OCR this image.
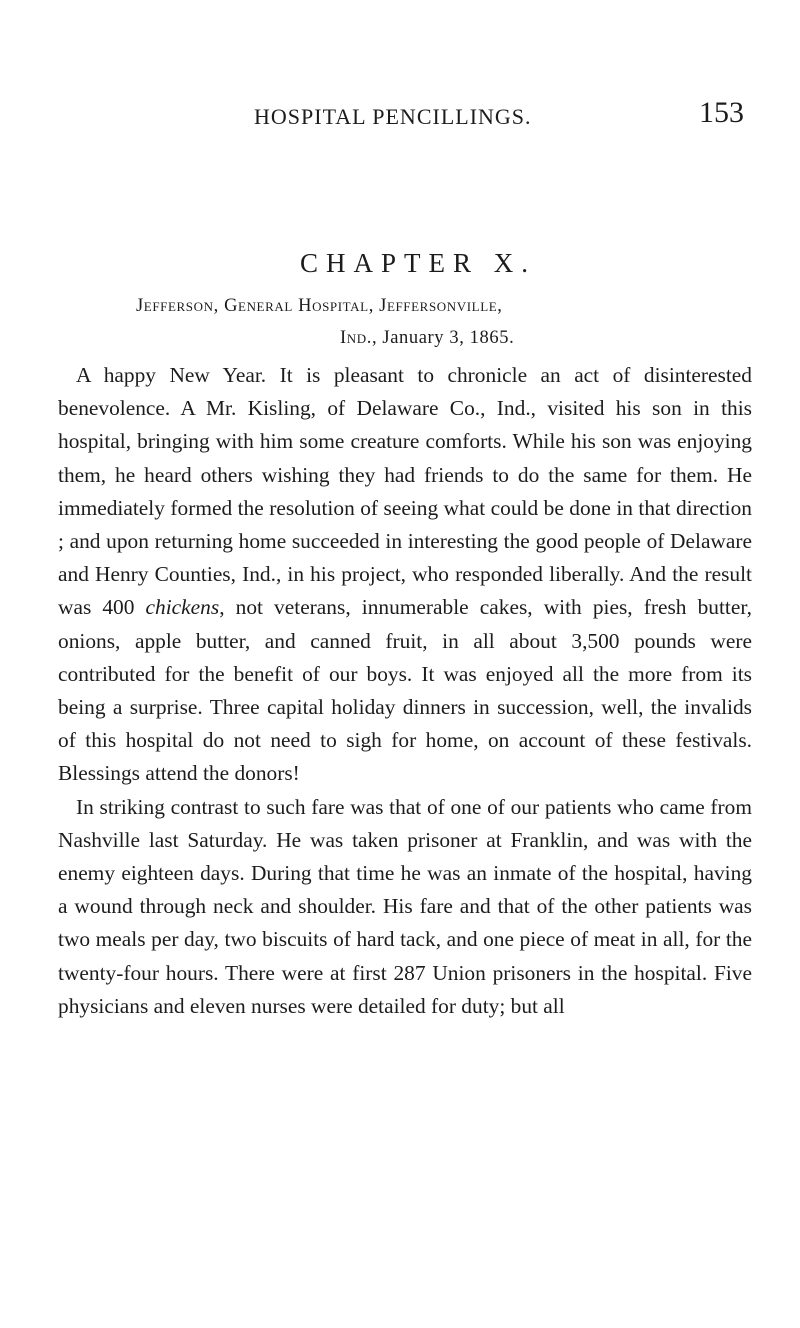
HOSPITAL PENCILLINGS.	153
CHAPTER X.
Jefferson, General Hospital, Jeffersonville,
Ind., January 3, 1865.

A happy New Year. It is pleasant to chronicle an act of disinterested benevolence. A Mr. Kisling, of Delaware Co., Ind., visited his son in this hospital, bringing with him some creature comforts. While his son was enjoying them, he heard others wishing they had friends to do the same for them. He immediately formed the resolution of seeing what could be done in that direction ; and upon returning home succeeded in interesting the good people of Delaware and Henry Counties, Ind., in his project, who responded liberally. And the result was 400 chickens, not veterans, innumerable cakes, with pies, fresh butter, onions, apple butter, and canned fruit, in all about 3,500 pounds were contributed for the benefit of our boys. It was enjoyed all the more from its being a surprise. Three capital holiday dinners in succession, well, the invalids of this hospital do not need to sigh for home, on account of these festivals. Blessings attend the donors!

In striking contrast to such fare was that of one of our patients who came from Nashville last Saturday. He was taken prisoner at Franklin, and was with the enemy eighteen days. During that time he was an inmate of the hospital, having a wound through neck and shoulder. His fare and that of the other patients was two meals per day, two biscuits of hard tack, and one piece of meat in all, for the twenty-four hours. There were at first 287 Union prisoners in the hospital. Five physicians and eleven nurses were detailed for duty; but all
